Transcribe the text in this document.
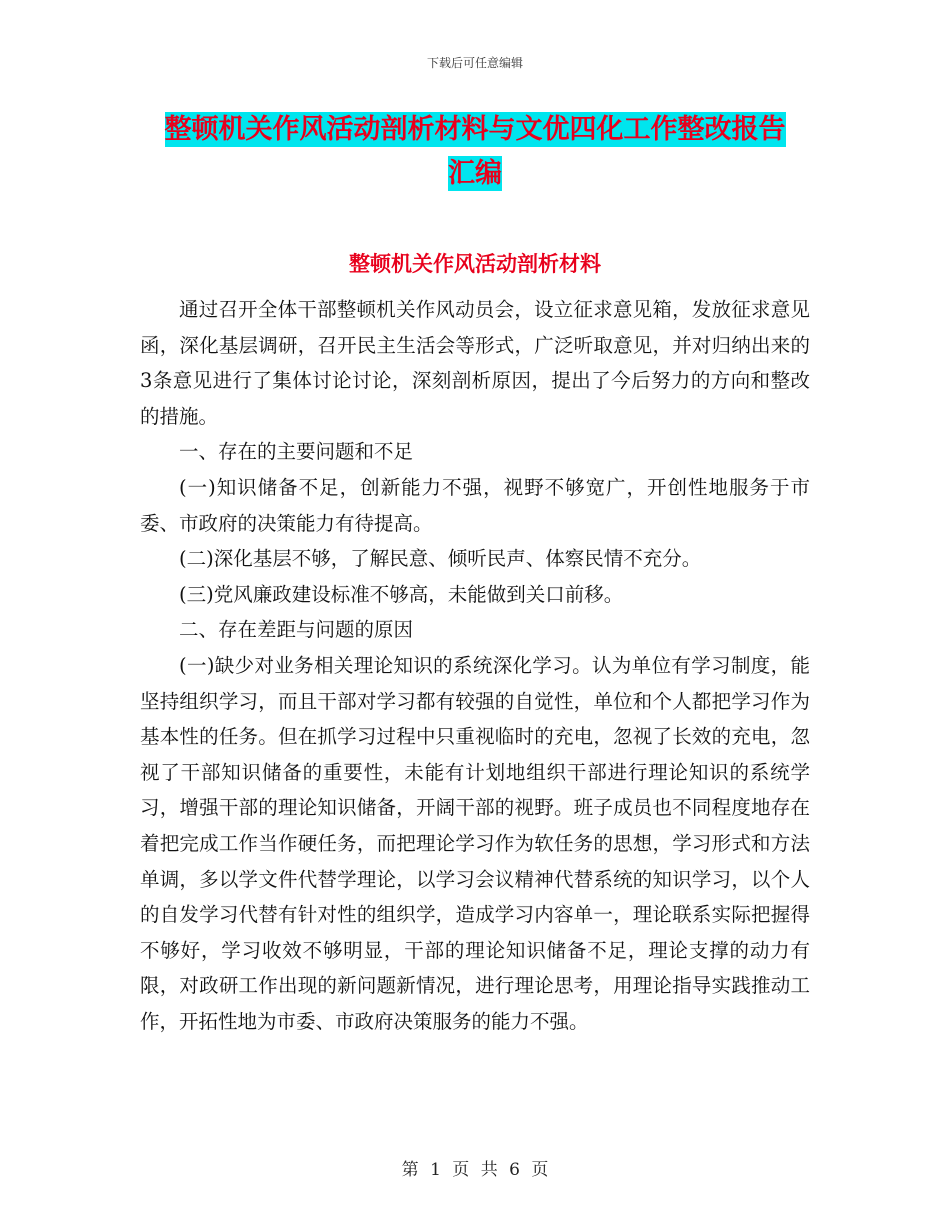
下载后可任意编辑
整顿机关作风活动剖析材料与文优四化工作整改报告
汇编
整顿机关作风活动剖析材料

通过召开全体干部整顿机关作风动员会，设立征求意见箱，发放征求意见函，深化基层调研，召开民主生活会等形式，广泛听取意见，并对归纳出来的3条意见进行了集体讨论讨论，深刻剖析原因，提出了今后努力的方向和整改的措施。

一、存在的主要问题和不足

(一)知识储备不足，创新能力不强，视野不够宽广，开创性地服务于市委、市政府的决策能力有待提高。

(二)深化基层不够，了解民意、倾听民声、体察民情不充分。

(三)党风廉政建设标准不够高，未能做到关口前移。

二、存在差距与问题的原因

(一)缺少对业务相关理论知识的系统深化学习。认为单位有学习制度，能坚持组织学习，而且干部对学习都有较强的自觉性，单位和个人都把学习作为基本性的任务。但在抓学习过程中只重视临时的充电，忽视了长效的充电，忽视了干部知识储备的重要性，未能有计划地组织干部进行理论知识的系统学习，增强干部的理论知识储备，开阔干部的视野。班子成员也不同程度地存在着把完成工作当作硬任务，而把理论学习作为软任务的思想，学习形式和方法单调，多以学文件代替学理论，以学习会议精神代替系统的知识学习，以个人的自发学习代替有针对性的组织学，造成学习内容单一，理论联系实际把握得不够好，学习收效不够明显，干部的理论知识储备不足，理论支撑的动力有限，对政研工作出现的新问题新情况，进行理论思考，用理论指导实践推动工作，开拓性地为市委、市政府决策服务的能力不强。

第 1 页 共 6 页
